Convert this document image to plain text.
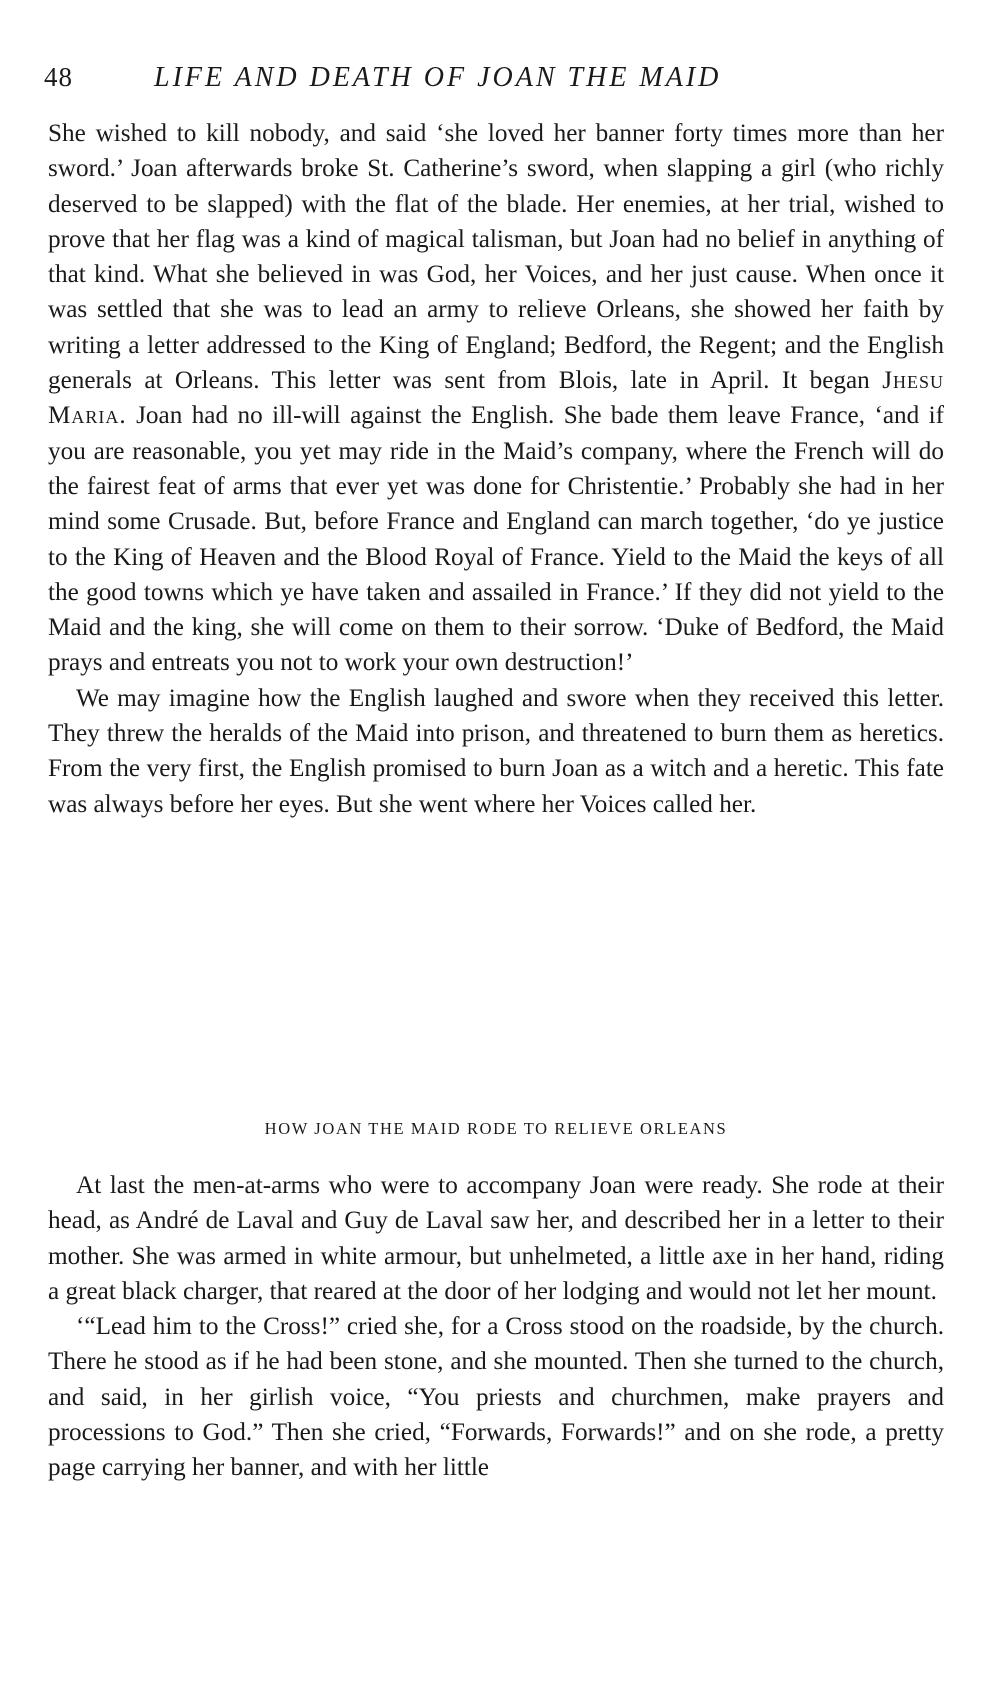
48	LIFE AND DEATH OF JOAN THE MAID

She wished to kill nobody, and said ‘she loved her banner forty times more than her sword.’ Joan afterwards broke St. Catherine’s sword, when slapping a girl (who richly deserved to be slapped) with the flat of the blade. Her enemies, at her trial, wished to prove that her flag was a kind of magical talisman, but Joan had no belief in anything of that kind. What she believed in was God, her Voices, and her just cause. When once it was settled that she was to lead an army to relieve Orleans, she showed her faith by writing a letter addressed to the King of England; Bedford, the Regent; and the English generals at Orleans. This letter was sent from Blois, late in April. It began Jhesu Maria. Joan had no ill-will against the English. She bade them leave France, ‘and if you are reasonable, you yet may ride in the Maid’s company, where the French will do the fairest feat of arms that ever yet was done for Christentie.’ Probably she had in her mind some Crusade. But, before France and England can march together, ‘do ye justice to the King of Heaven and the Blood Royal of France. Yield to the Maid the keys of all the good towns which ye have taken and assailed in France.’ If they did not yield to the Maid and the king, she will come on them to their sorrow. ‘Duke of Bedford, the Maid prays and entreats you not to work your own destruction!’

We may imagine how the English laughed and swore when they received this letter. They threw the heralds of the Maid into prison, and threatened to burn them as heretics. From the very first, the English promised to burn Joan as a witch and a heretic. This fate was always before her eyes. But she went where her Voices called her.

HOW JOAN THE MAID RODE TO RELIEVE ORLEANS

At last the men-at-arms who were to accompany Joan were ready. She rode at their head, as André de Laval and Guy de Laval saw her, and described her in a letter to their mother. She was armed in white armour, but unhelmeted, a little axe in her hand, riding a great black charger, that reared at the door of her lodging and would not let her mount.

‘“Lead him to the Cross!” cried she, for a Cross stood on the roadside, by the church. There he stood as if he had been stone, and she mounted. Then she turned to the church, and said, in her girlish voice, “You priests and churchmen, make prayers and processions to God.” Then she cried, “Forwards, Forwards!” and on she rode, a pretty page carrying her banner, and with her little
